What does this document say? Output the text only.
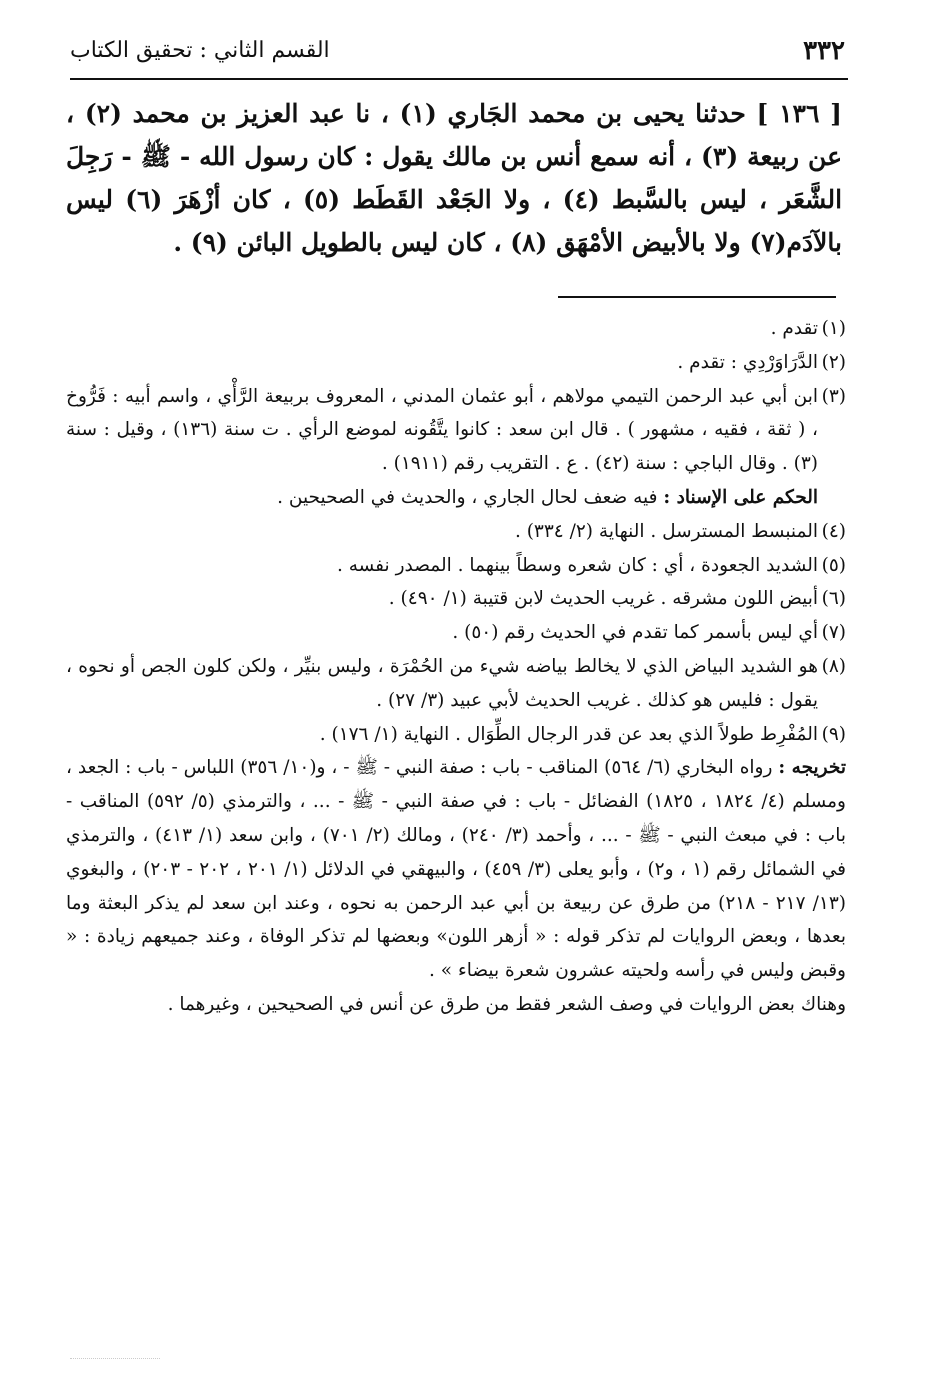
٣٣٢
القسم الثاني : تحقيق الكتاب

[ ١٣٦ ] حدثنا يحيى بن محمد الجَاري (١) ، نا عبد العزيز بن محمد (٢) ، عن ربيعة (٣) ، أنه سمع أنس بن مالك يقول : كان رسول الله - ﷺ - رَجِلَ الشَّعَر ، ليس بالسَّبط (٤) ، ولا الجَعْد القَطَط (٥) ، كان أزْهَرَ (٦) ليس بالآدَم(٧) ولا بالأبيض الأمْهَق (٨) ، كان ليس بالطويل البائن (٩) .

(١)
تقدم .
(٢)
الدَّرَاوَرْدِي : تقدم .
(٣)
ابن أبي عبد الرحمن التيمي مولاهم ، أبو عثمان المدني ، المعروف بربيعة الرَّأْي ، واسم أبيه : فَرُّوخ ، ( ثقة ، فقيه ، مشهور ) . قال ابن سعد : كانوا يتَّقُونه لموضع الرأي . ت سنة (١٣٦) ، وقيل : سنة (٣) . وقال الباجي : سنة (٤٢) . ع . التقريب رقم (١٩١١) .
الحكم على الإسناد : فيه ضعف لحال الجاري ، والحديث في الصحيحين .
(٤)
المنبسط المسترسل . النهاية (٢/ ٣٣٤) .
(٥)
الشديد الجعودة ، أي : كان شعره وسطاً بينهما . المصدر نفسه .
(٦)
أبيض اللون مشرقه . غريب الحديث لابن قتيبة (١/ ٤٩٠) .
(٧)
أي ليس بأسمر كما تقدم في الحديث رقم (٥٠) .
(٨)
هو الشديد البياض الذي لا يخالط بياضه شيء من الحُمْرَة ، وليس بنيِّر ، ولكن كلون الجص أو نحوه ، يقول : فليس هو كذلك . غريب الحديث لأبي عبيد (٣/ ٢٧) .
(٩)
المُفْرِط طولاً الذي بعد عن قدر الرجال الطِّوَال . النهاية (١/ ١٧٦) .

تخريجه : رواه البخاري (٦/ ٥٦٤) المناقب - باب : صفة النبي - ﷺ - ، و(١٠/ ٣٥٦) اللباس - باب : الجعد ، ومسلم (٤/ ١٨٢٤ ، ١٨٢٥) الفضائل - باب : في صفة النبي - ﷺ - ... ، والترمذي (٥/ ٥٩٢) المناقب - باب : في مبعث النبي - ﷺ - ... ، وأحمد (٣/ ٢٤٠) ، ومالك (٢/ ٧٠١) ، وابن سعد (١/ ٤١٣) ، والترمذي في الشمائل رقم (١ ، و٢) ، وأبو يعلى (٣/ ٤٥٩) ، والبيهقي في الدلائل (١/ ٢٠١ ، ٢٠٢ - ٢٠٣) ، والبغوي (١٣/ ٢١٧ - ٢١٨) من طرق عن ربيعة بن أبي عبد الرحمن به نحوه ، وعند ابن سعد لم يذكر البعثة وما بعدها ، وبعض الروايات لم تذكر قوله : « أزهر اللون» وبعضها لم تذكر الوفاة ، وعند جميعهم زيادة : « وقبض وليس في رأسه ولحيته عشرون شعرة بيضاء » .

وهناك بعض الروايات في وصف الشعر فقط من طرق عن أنس في الصحيحين ، وغيرهما .
